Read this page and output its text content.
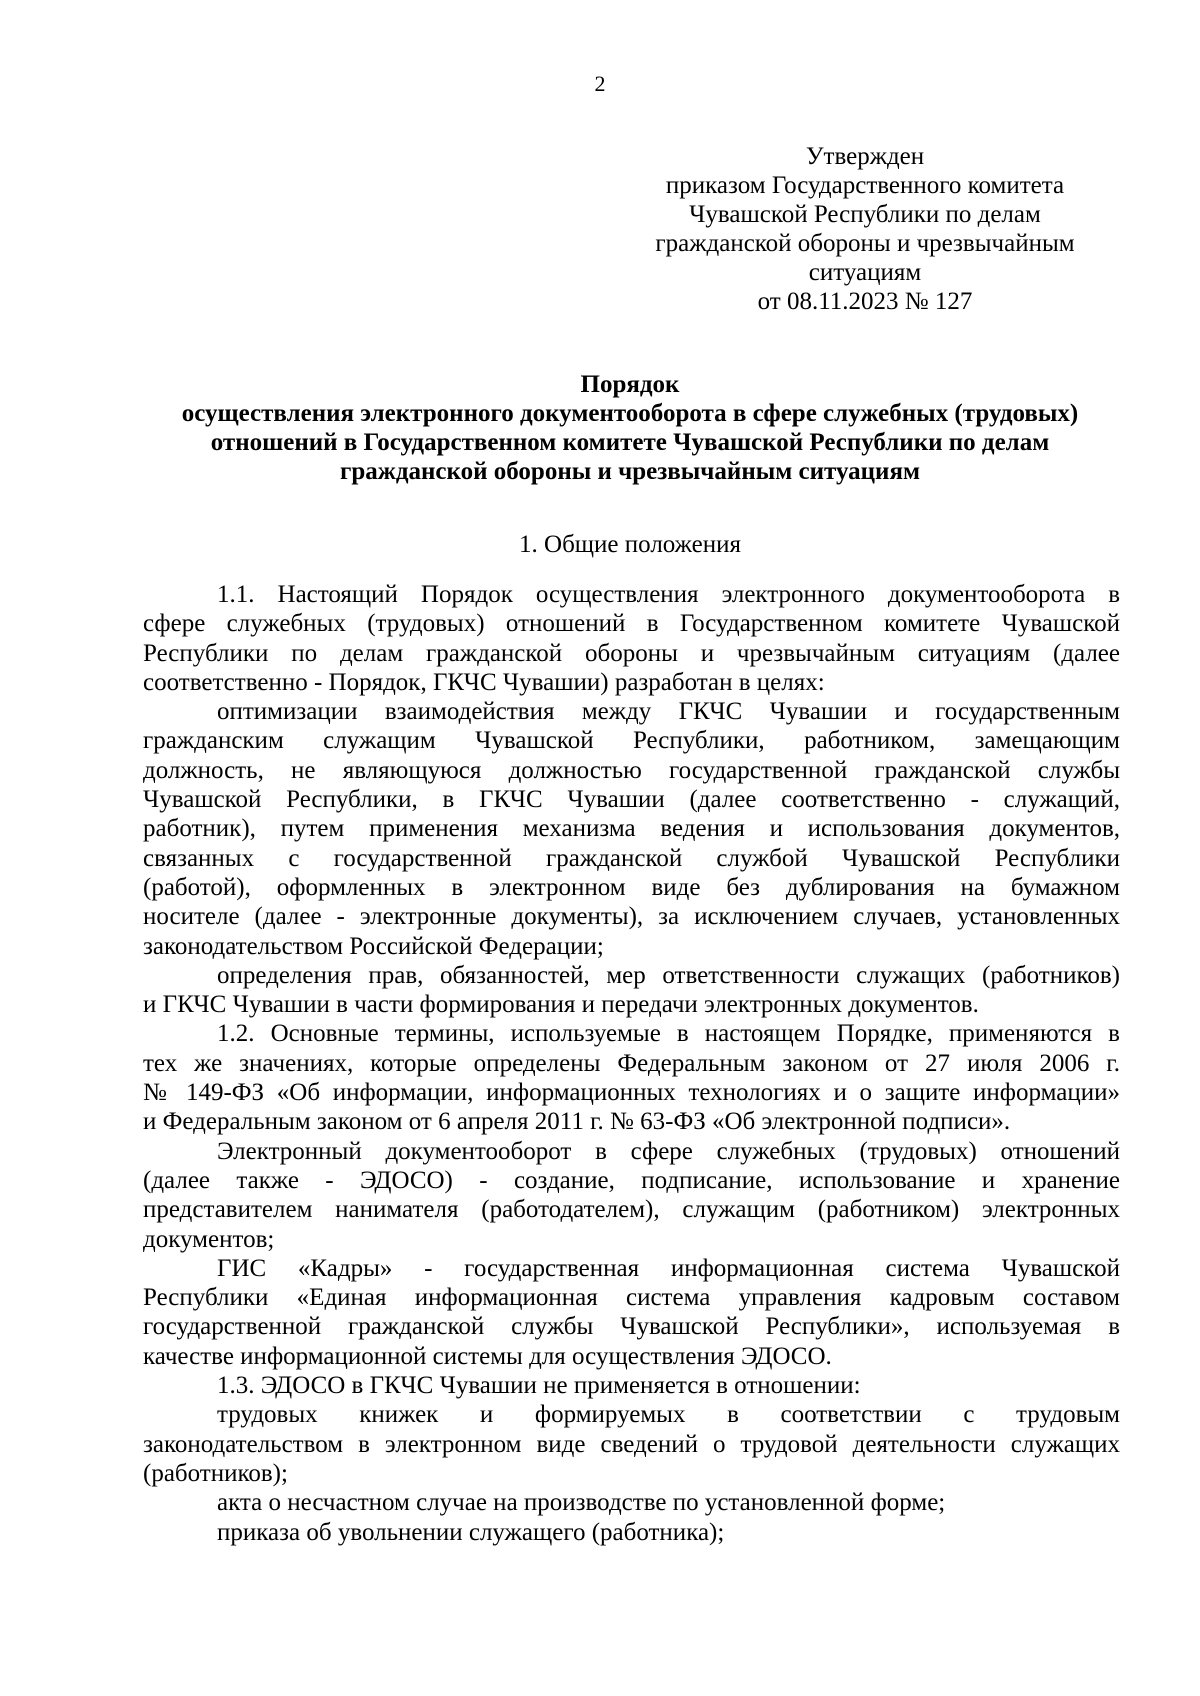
2
Утвержден
приказом Государственного комитета
Чувашской Республики по делам
гражданской обороны и чрезвычайным
ситуациям
от 08.11.2023 № 127
Порядок
осуществления электронного документооборота в сфере служебных (трудовых)
отношений в Государственном комитете Чувашской Республики по делам
гражданской обороны и чрезвычайным ситуациям
1. Общие положения
1.1. Настоящий Порядок осуществления электронного документооборота в
сфере служебных (трудовых) отношений в Государственном комитете Чувашской
Республики по делам гражданской обороны и чрезвычайным ситуациям (далее
соответственно - Порядок, ГКЧС Чувашии) разработан в целях:
оптимизации взаимодействия между ГКЧС Чувашии и государственным
гражданским служащим Чувашской Республики, работником, замещающим
должность, не являющуюся должностью государственной гражданской службы
Чувашской Республики, в ГКЧС Чувашии (далее соответственно - служащий,
работник), путем применения механизма ведения и использования документов,
связанных с государственной гражданской службой Чувашской Республики
(работой), оформленных в электронном виде без дублирования на бумажном
носителе (далее - электронные документы), за исключением случаев, установленных
законодательством Российской Федерации;
определения прав, обязанностей, мер ответственности служащих (работников)
и ГКЧС Чувашии в части формирования и передачи электронных документов.
1.2. Основные термины, используемые в настоящем Порядке, применяются в
тех же значениях, которые определены Федеральным законом от 27 июля 2006 г.
№ 149-ФЗ «Об информации, информационных технологиях и о защите информации»
и Федеральным законом от 6 апреля 2011 г. № 63-ФЗ «Об электронной подписи».
Электронный документооборот в сфере служебных (трудовых) отношений
(далее также - ЭДОСО) - создание, подписание, использование и хранение
представителем нанимателя (работодателем), служащим (работником) электронных
документов;
ГИС «Кадры» - государственная информационная система Чувашской
Республики «Единая информационная система управления кадровым составом
государственной гражданской службы Чувашской Республики», используемая в
качестве информационной системы для осуществления ЭДОСО.
1.3. ЭДОСО в ГКЧС Чувашии не применяется в отношении:
трудовых книжек и формируемых в соответствии с трудовым
законодательством в электронном виде сведений о трудовой деятельности служащих
(работников);
акта о несчастном случае на производстве по установленной форме;
приказа об увольнении служащего (работника);
